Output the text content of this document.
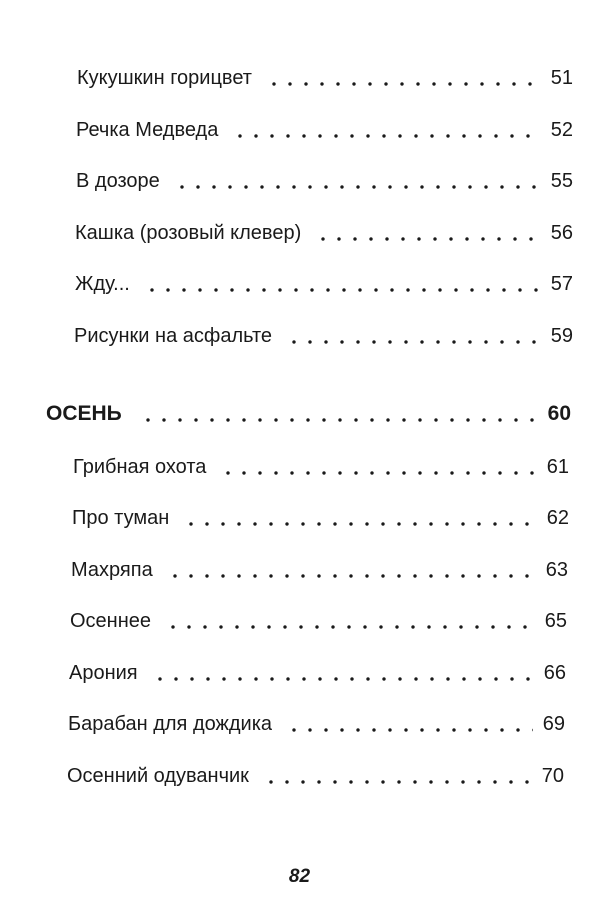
Кукушкин горицвет	51
Речка Медведа	52
В дозоре	55
Кашка (розовый клевер)	56
Жду...	57
Рисунки на асфальте	59
ОСЕНЬ	60
Грибная охота	61
Про туман	62
Махряпа	63
Осеннее	65
Арония	66
Барабан для дождика	69
Осенний одуванчик	70
82
